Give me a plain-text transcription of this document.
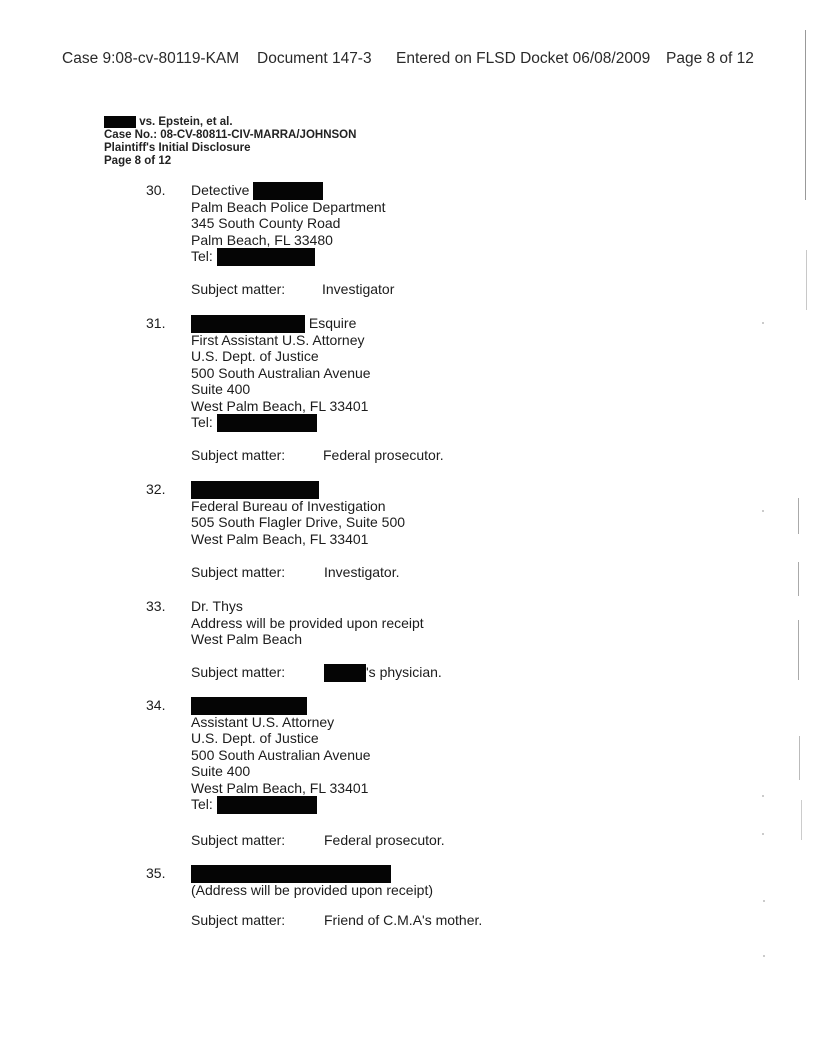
Case 9:08-cv-80119-KAM Document 147-3 Entered on FLSD Docket 06/08/2009 Page 8 of 12
vs. Epstein, et al.
Case No.: 08-CV-80811-CIV-MARRA/JOHNSON
Plaintiff's Initial Disclosure
Page 8 of 12
30.	Detective
Palm Beach Police Department
345 South County Road
Palm Beach, FL 33480
Tel:
Subject matter:	Investigator
31.	Esquire
First Assistant U.S. Attorney
U.S. Dept. of Justice
500 South Australian Avenue
Suite 400
West Palm Beach, FL 33401
Tel:
Subject matter:	Federal prosecutor.
32.
Federal Bureau of Investigation
505 South Flagler Drive, Suite 500
West Palm Beach, FL 33401
Subject matter:	Investigator.
33.	Dr. Thys
Address will be provided upon receipt
West Palm Beach
Subject matter:	's physician.
34.
Assistant U.S. Attorney
U.S. Dept. of Justice
500 South Australian Avenue
Suite 400
West Palm Beach, FL 33401
Tel:
Subject matter:	Federal prosecutor.
35.
(Address will be provided upon receipt)
Subject matter:	Friend of C.M.A's mother.
